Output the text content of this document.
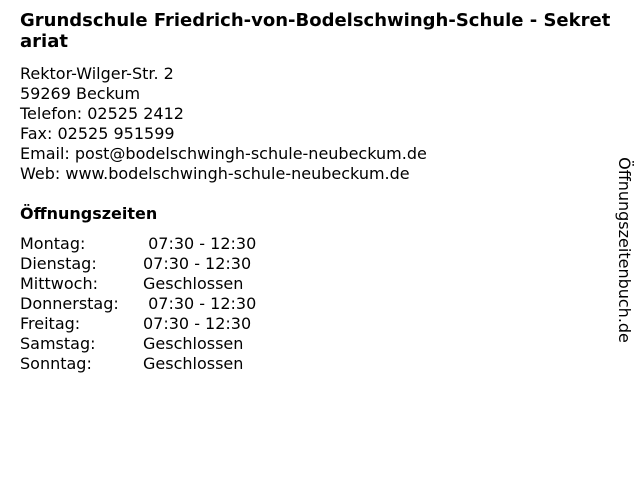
Grundschule Friedrich-von-Bodelschwingh-Schule - Sekretariat
Rektor-Wilger-Str. 2
59269 Beckum
Telefon: 02525 2412
Fax: 02525 951599
Email: post@bodelschwingh-schule-neubeckum.de
Web: www.bodelschwingh-schule-neubeckum.de
Öffnungszeiten
Montag:	07:30 - 12:30
Dienstag:	07:30 - 12:30
Mittwoch:	Geschlossen
Donnerstag:	07:30 - 12:30
Freitag:	07:30 - 12:30
Samstag:	Geschlossen
Sonntag:	Geschlossen
Öffnungszeitenbuch.de
